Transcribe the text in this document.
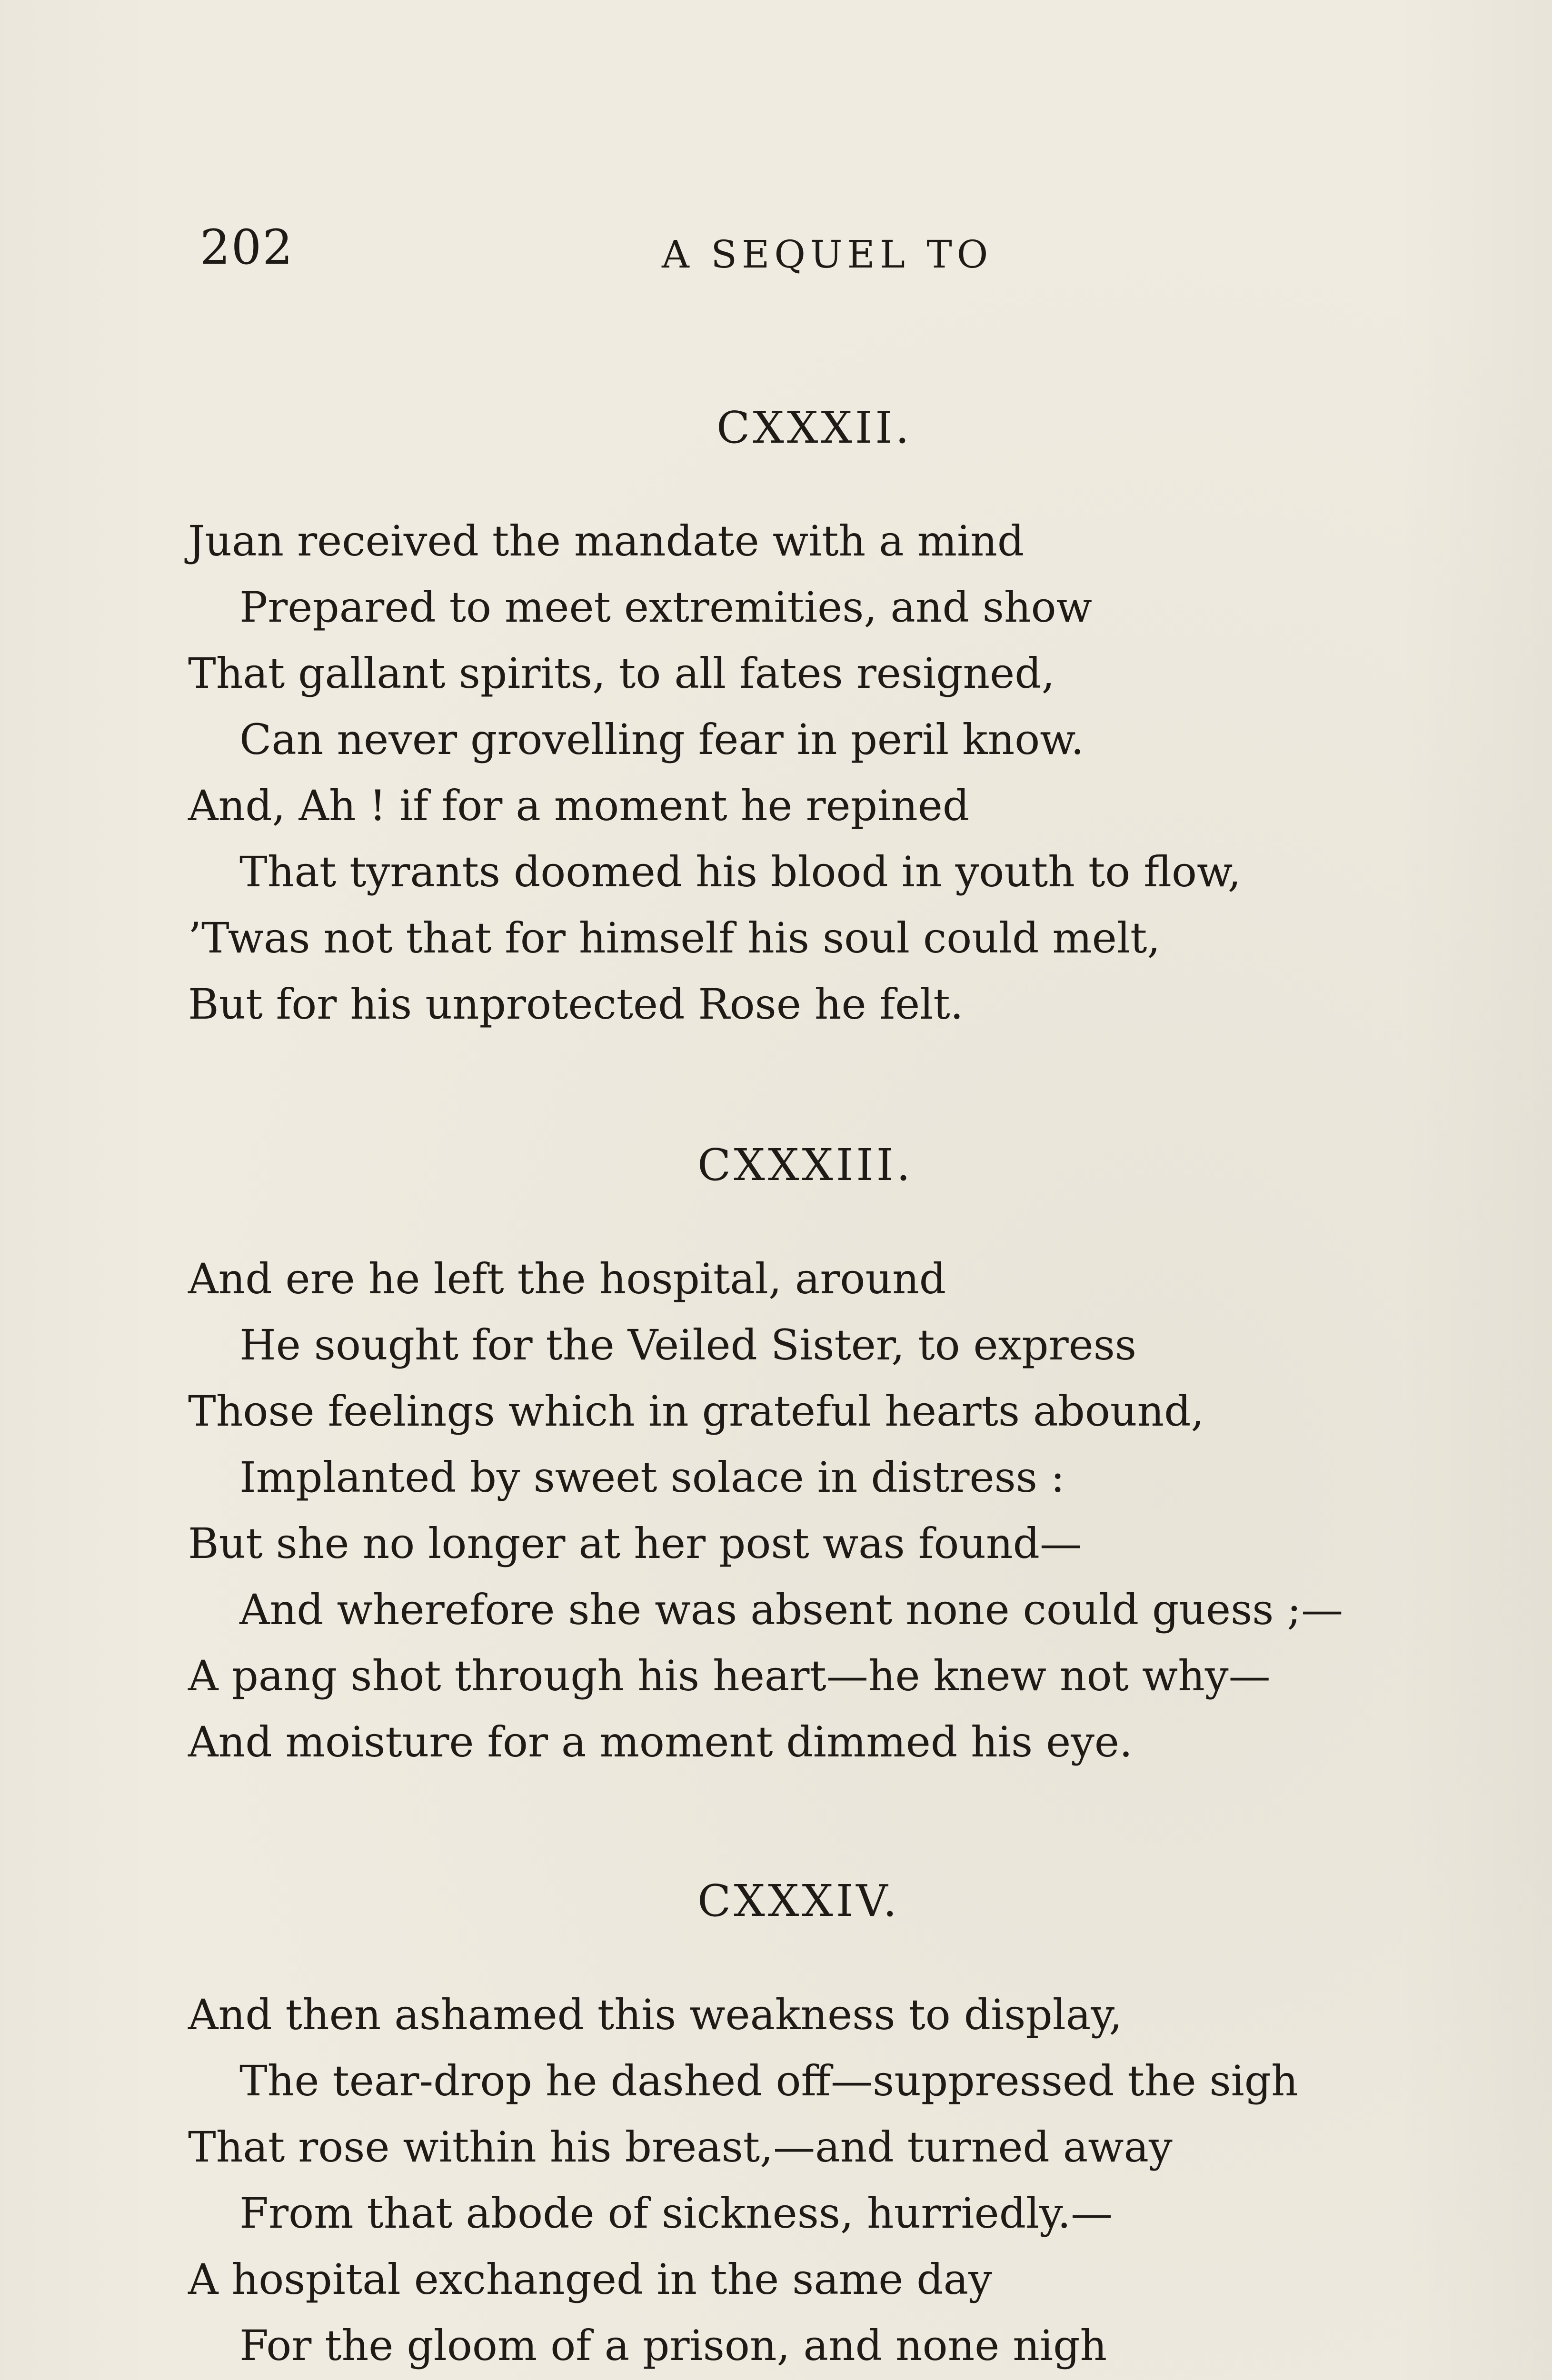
202	A SEQUEL TO
CXXXII.
Juan received the mandate with a mind
Prepared to meet extremities, and show
That gallant spirits, to all fates resigned,
Can never grovelling fear in peril know.
And, Ah ! if for a moment he repined
That tyrants doomed his blood in youth to flow,
’Twas not that for himself his soul could melt,
But for his unprotected Rose he felt.
CXXXIII.
And ere he left the hospital, around
He sought for the Veiled Sister, to express
Those feelings which in grateful hearts abound,
Implanted by sweet solace in distress :
But she no longer at her post was found—
And wherefore she was absent none could guess ;—
A pang shot through his heart—he knew not why—
And moisture for a moment dimmed his eye.
CXXXIV.
And then ashamed this weakness to display,
The tear-drop he dashed off—suppressed the sigh
That rose within his breast,—and turned away
From that abode of sickness, hurriedly.—
A hospital exchanged in the same day
For the gloom of a prison, and none nigh
